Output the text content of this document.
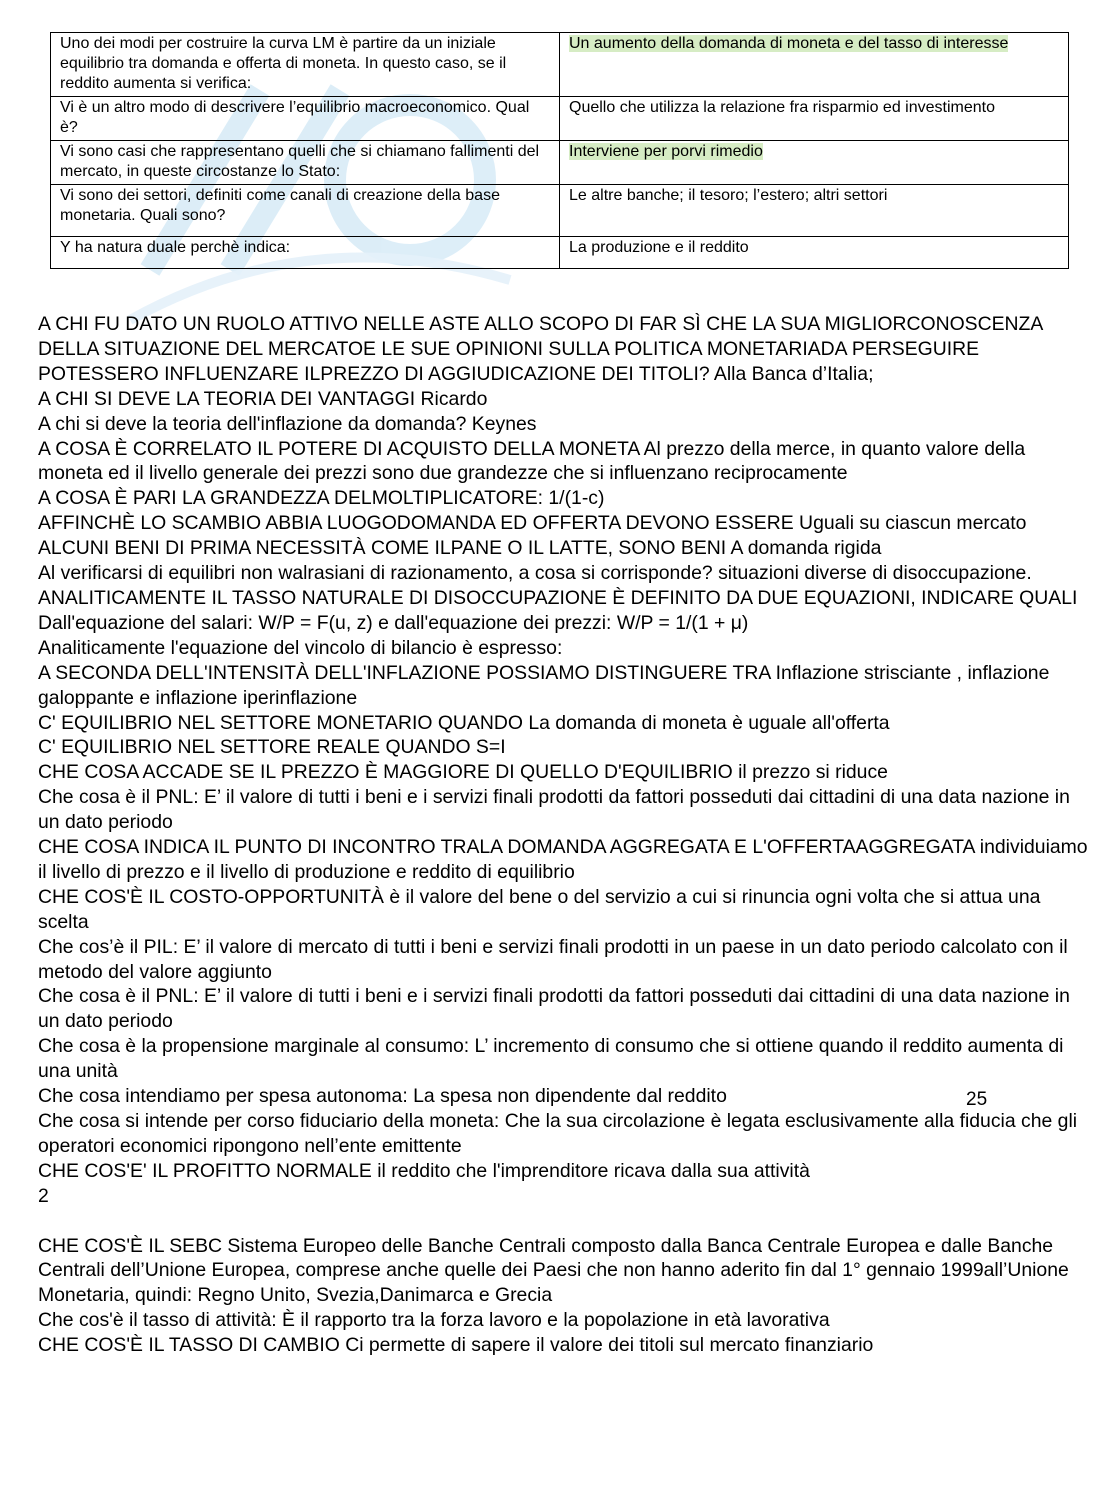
Uno dei modi per costruire la curva LM è partire da un iniziale equilibrio tra domanda e offerta di moneta. In questo caso, se il reddito aumenta si verifica:	Un aumento della domanda di moneta e del tasso di interesse
Vi è un altro modo di descrivere l’equilibrio macroeconomico. Qual è?	Quello che utilizza la relazione fra risparmio ed investimento
Vi sono casi che rappresentano quelli che si chiamano fallimenti del mercato, in queste circostanze lo Stato:	Interviene per porvi rimedio
Vi sono dei settori, definiti come canali di creazione della base monetaria. Quali sono?	Le altre banche; il tesoro; l’estero; altri settori
Y ha natura duale perchè indica:	La produzione e il reddito

A CHI FU DATO UN RUOLO ATTIVO NELLE ASTE ALLO SCOPO DI FAR SÌ CHE LA SUA MIGLIORCONOSCENZA DELLA SITUAZIONE DEL MERCATOE LE SUE OPINIONI SULLA POLITICA MONETARIADA PERSEGUIRE POTESSERO INFLUENZARE ILPREZZO DI AGGIUDICAZIONE DEI TITOLI? Alla Banca d’Italia;

A CHI SI DEVE LA TEORIA DEI VANTAGGI Ricardo

A chi si deve la teoria dell'inflazione da domanda? Keynes

A COSA È CORRELATO IL POTERE DI ACQUISTO DELLA MONETA Al prezzo della merce, in quanto valore della moneta ed il livello generale dei prezzi sono due grandezze che si influenzano reciprocamente

A COSA È PARI LA GRANDEZZA DELMOLTIPLICATORE: 1/(1-c)

AFFINCHÈ LO SCAMBIO ABBIA LUOGODOMANDA ED OFFERTA DEVONO ESSERE Uguali su ciascun mercato

ALCUNI BENI DI PRIMA NECESSITÀ COME ILPANE O IL LATTE, SONO BENI A domanda rigida

Al verificarsi di equilibri non walrasiani di razionamento, a cosa si corrisponde? situazioni diverse di disoccupazione.

ANALITICAMENTE IL TASSO NATURALE DI DISOCCUPAZIONE È DEFINITO DA DUE EQUAZIONI, INDICARE QUALI Dall'equazione del salari: W/P = F(u, z) e dall'equazione dei prezzi: W/P = 1/(1 + μ)

Analiticamente l'equazione del vincolo di bilancio è espresso:

A SECONDA DELL'INTENSITÀ DELL'INFLAZIONE POSSIAMO DISTINGUERE TRA Inflazione strisciante , inflazione galoppante e inflazione iperinflazione

C' EQUILIBRIO NEL SETTORE MONETARIO QUANDO La domanda di moneta è uguale all'offerta

C' EQUILIBRIO NEL SETTORE REALE QUANDO S=I

CHE COSA ACCADE SE IL PREZZO È MAGGIORE DI QUELLO D'EQUILIBRIO il prezzo si riduce

Che cosa è il PNL: E’ il valore di tutti i beni e i servizi finali prodotti da fattori posseduti dai cittadini di una data nazione in un dato periodo

CHE COSA INDICA IL PUNTO DI INCONTRO TRALA DOMANDA AGGREGATA E L'OFFERTAAGGREGATA individuiamo il livello di prezzo e il livello di produzione e reddito di equilibrio

CHE COS'È IL COSTO-OPPORTUNITÀ è il valore del bene o del servizio a cui si rinuncia ogni volta che si attua una scelta

Che cos’è il PIL: E’ il valore di mercato di tutti i beni e servizi finali prodotti in un paese in un dato periodo calcolato con il metodo del valore aggiunto

Che cosa è il PNL: E’ il valore di tutti i beni e i servizi finali prodotti da fattori posseduti dai cittadini di una data nazione in un dato periodo

Che cosa è la propensione marginale al consumo: L’ incremento di consumo che si ottiene quando il reddito aumenta di una unità

Che cosa intendiamo per spesa autonoma: La spesa non dipendente dal reddito

Che cosa si intende per corso fiduciario della moneta: Che la sua circolazione è legata esclusivamente alla fiducia che gli operatori economici ripongono nell’ente emittente

CHE COS'E' IL PROFITTO NORMALE il reddito che l'imprenditore ricava dalla sua attività

2

CHE COS'È IL SEBC Sistema Europeo delle Banche Centrali composto dalla Banca Centrale Europea e dalle Banche Centrali dell’Unione Europea, comprese anche quelle dei Paesi che non hanno aderito fin dal 1° gennaio 1999all’Unione Monetaria, quindi: Regno Unito, Svezia,Danimarca e Grecia

Che cos'è il tasso di attività: È il rapporto tra la forza lavoro e la popolazione in età lavorativa

CHE COS'È IL TASSO DI CAMBIO Ci permette di sapere il valore dei titoli sul mercato finanziario

25
